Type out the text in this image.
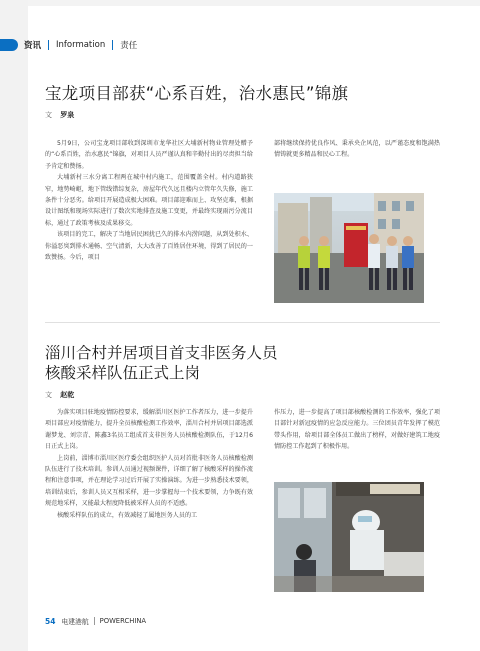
资讯 Information 责任
宝龙项目部获“心系百姓，治水惠民”锦旗
文 罗泉

5月9日，公司宝龙项目部收到深圳市龙华社区大埔新村物业管理处赠予的“心系百姓，治水惠民”锦旗，对项目人员严谨认真和辛勤付出的尽责担当给予肯定和赞扬。

大埔新村三水分离工程两在城中村内施工，范围覆盖全村。村内道路狭窄，地势崎岖，地下管线错综复杂，房屋年代久远且楼内立管年久失修，施工条件十分恶劣。给项目开展造成极大困难。项目部迎难而上、攻坚克难，根据设计图纸和现场实际进行了数次实地排查及施工变更，并最终实现雨污分流目标，通过了政策考核及成果移交。

该项目的完工，解决了当地居民困扰已久的排水内涝问题，从到处积水、你溢恶臭到排水通畅、空气清新，大大改善了百姓居住环境，得到了居民的一致赞扬。今后，项目

部将继续保持优良作风、秉承央企风范，以严谨态度和饱满热情铸就更多精品和民心工程。

淄川合村并居项目首支非医务人员
核酸采样队伍正式上岗
文 赵乾

为落实项目驻地疫情防控要求，缓解淄川区医护工作者压力，进一步提升项目部应对疫情能力，提升全员核酸检测工作效率，淄川合村并居项目部选派谢梦龙、刘宗青、陈鑫3名员工组成首支非医务人员核酸检测队伍，于12月6日正式上岗。

上岗前，淄博市淄川区医疗委会组织医护人员对首批非医务人员核酸检测队伍进行了技术培训。参训人员通过视频课件，详细了解了核酸采样的操作流程和注意事项，并在理论学习过后开展了实操演练。为进一步熟悉技术要领，培训结束后，参训人员又互相采样，进一步掌握每一个技术要领，力争既有效规范地采样，又能最大程度降低被采样人员的不适感。

核酸采样队伍的成立，有效减轻了属地医务人员的工

作压力，进一步提高了项目部核酸检测的工作效率，强化了项目部针对新冠疫情的应急反应能力。三位团员青年发挥了模范带头作用，给项目部全体员工做出了榜样，对做好建筑工地疫情防控工作起到了积极作用。

54 电建港航 POWERCHINA
